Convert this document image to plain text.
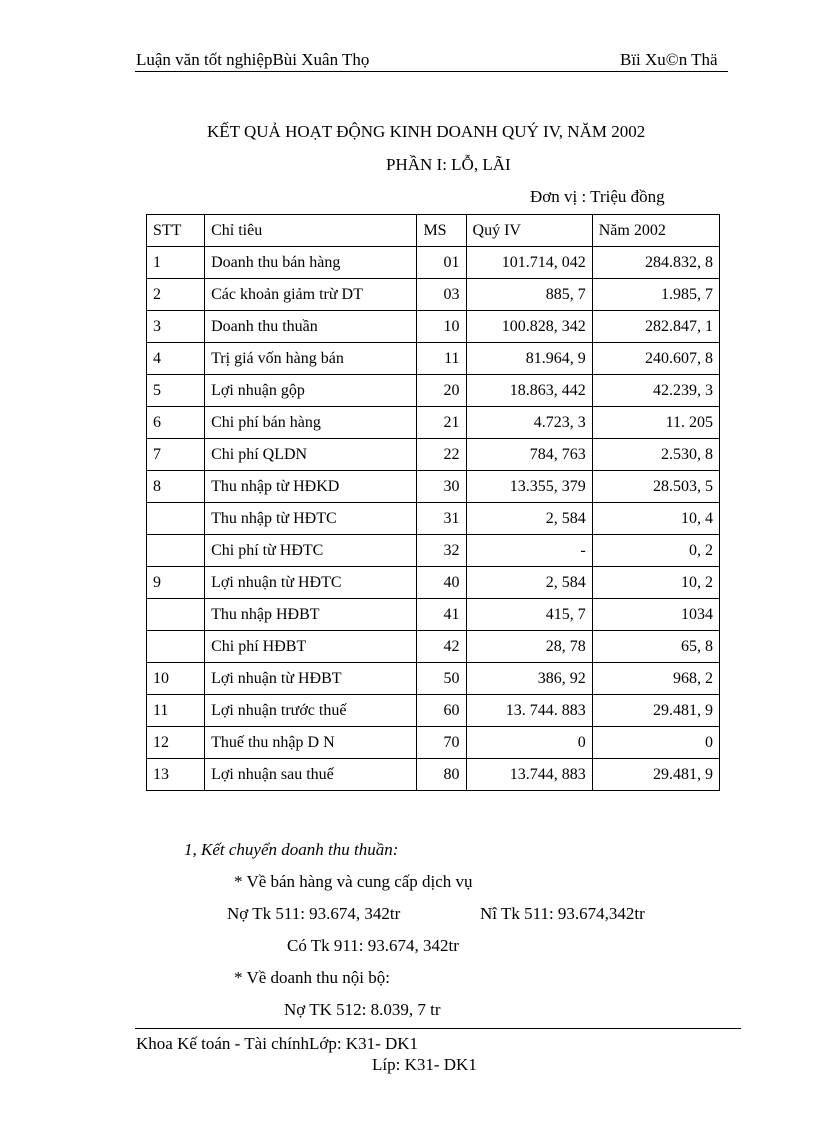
Luận văn tốt nghiệpBùi Xuân Thọ	Bïi Xu©n Thä
KẾT QUẢ HOẠT ĐỘNG KINH DOANH QUÝ IV, NĂM 2002
PHẦN I: LỖ, LÃI
Đơn vị : Triệu đồng
STT	Chỉ tiêu	MS	Quý IV	Năm 2002
1	Doanh thu bán hàng	01	101.714, 042	284.832, 8
2	Các khoản giảm trừ DT	03	885, 7	1.985, 7
3	Doanh thu thuần	10	100.828, 342	282.847, 1
4	Trị giá vốn hàng bán	11	81.964, 9	240.607, 8
5	Lợi nhuận gộp	20	18.863, 442	42.239, 3
6	Chi phí bán hàng	21	4.723, 3	11. 205
7	Chi phí QLDN	22	784, 763	2.530, 8
8	Thu nhập từ HĐKD	30	13.355, 379	28.503, 5
	Thu nhập từ HĐTC	31	2, 584	10, 4
	Chi phí từ HĐTC	32	-	0, 2
9	Lợi nhuận từ HĐTC	40	2, 584	10, 2
	Thu nhập HĐBT	41	415, 7	1034
	Chi phí HĐBT	42	28, 78	65, 8
10	Lợi nhuận từ HĐBT	50	386, 92	968, 2
11	Lợi nhuận trước thuế	60	13. 744. 883	29.481, 9
12	Thuế thu nhập D N	70	0	0
13	Lợi nhuận sau thuế	80	13.744, 883	29.481, 9
1, Kết chuyển doanh thu thuần:
* Về bán hàng và cung cấp dịch vụ
Nợ Tk 511: 93.674, 342tr	Nî Tk 511: 93.674,342tr
Có Tk 911: 93.674, 342tr
* Về doanh thu nội bộ:
Nợ TK 512: 8.039, 7 tr
Khoa Kế toán - Tài chínhLớp: K31- DK1
Líp: K31- DK1
